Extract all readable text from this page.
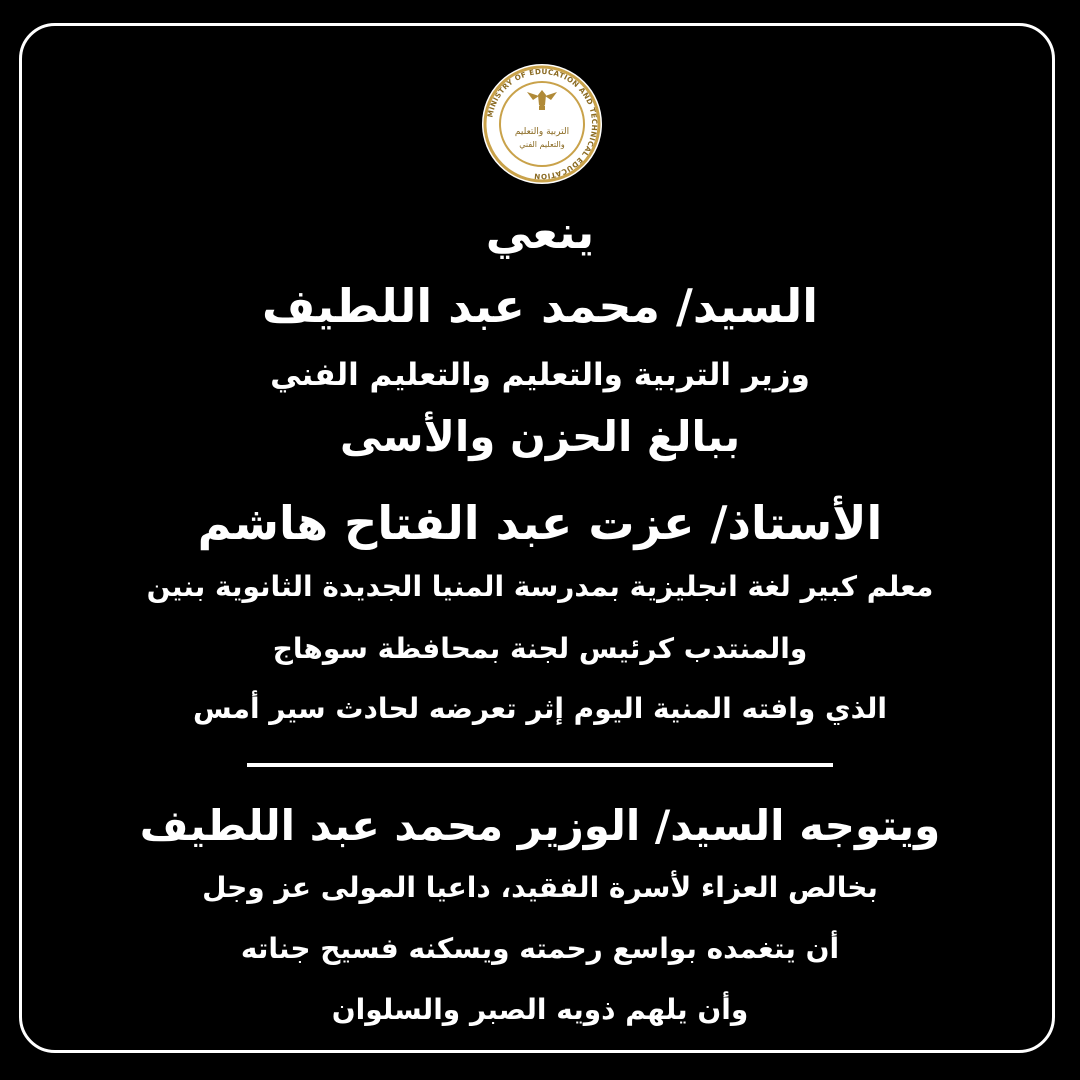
MINISTRY OF EDUCATION AND TECHNICAL EDUCATION
التربية والتعليم
والتعليم الفني
ينعي
السيد/ محمد عبد اللطيف
وزير التربية والتعليم والتعليم الفني
ببالغ الحزن والأسى
الأستاذ/ عزت عبد الفتاح هاشم
معلم كبير لغة انجليزية بمدرسة المنيا الجديدة الثانوية بنين
والمنتدب كرئيس لجنة بمحافظة سوهاج
الذي وافته المنية اليوم إثر تعرضه لحادث سير أمس
ويتوجه السيد/ الوزير محمد عبد اللطيف
بخالص العزاء لأسرة الفقيد، داعيا المولى عز وجل
أن يتغمده بواسع رحمته ويسكنه فسيح جناته
وأن يلهم ذويه الصبر والسلوان
